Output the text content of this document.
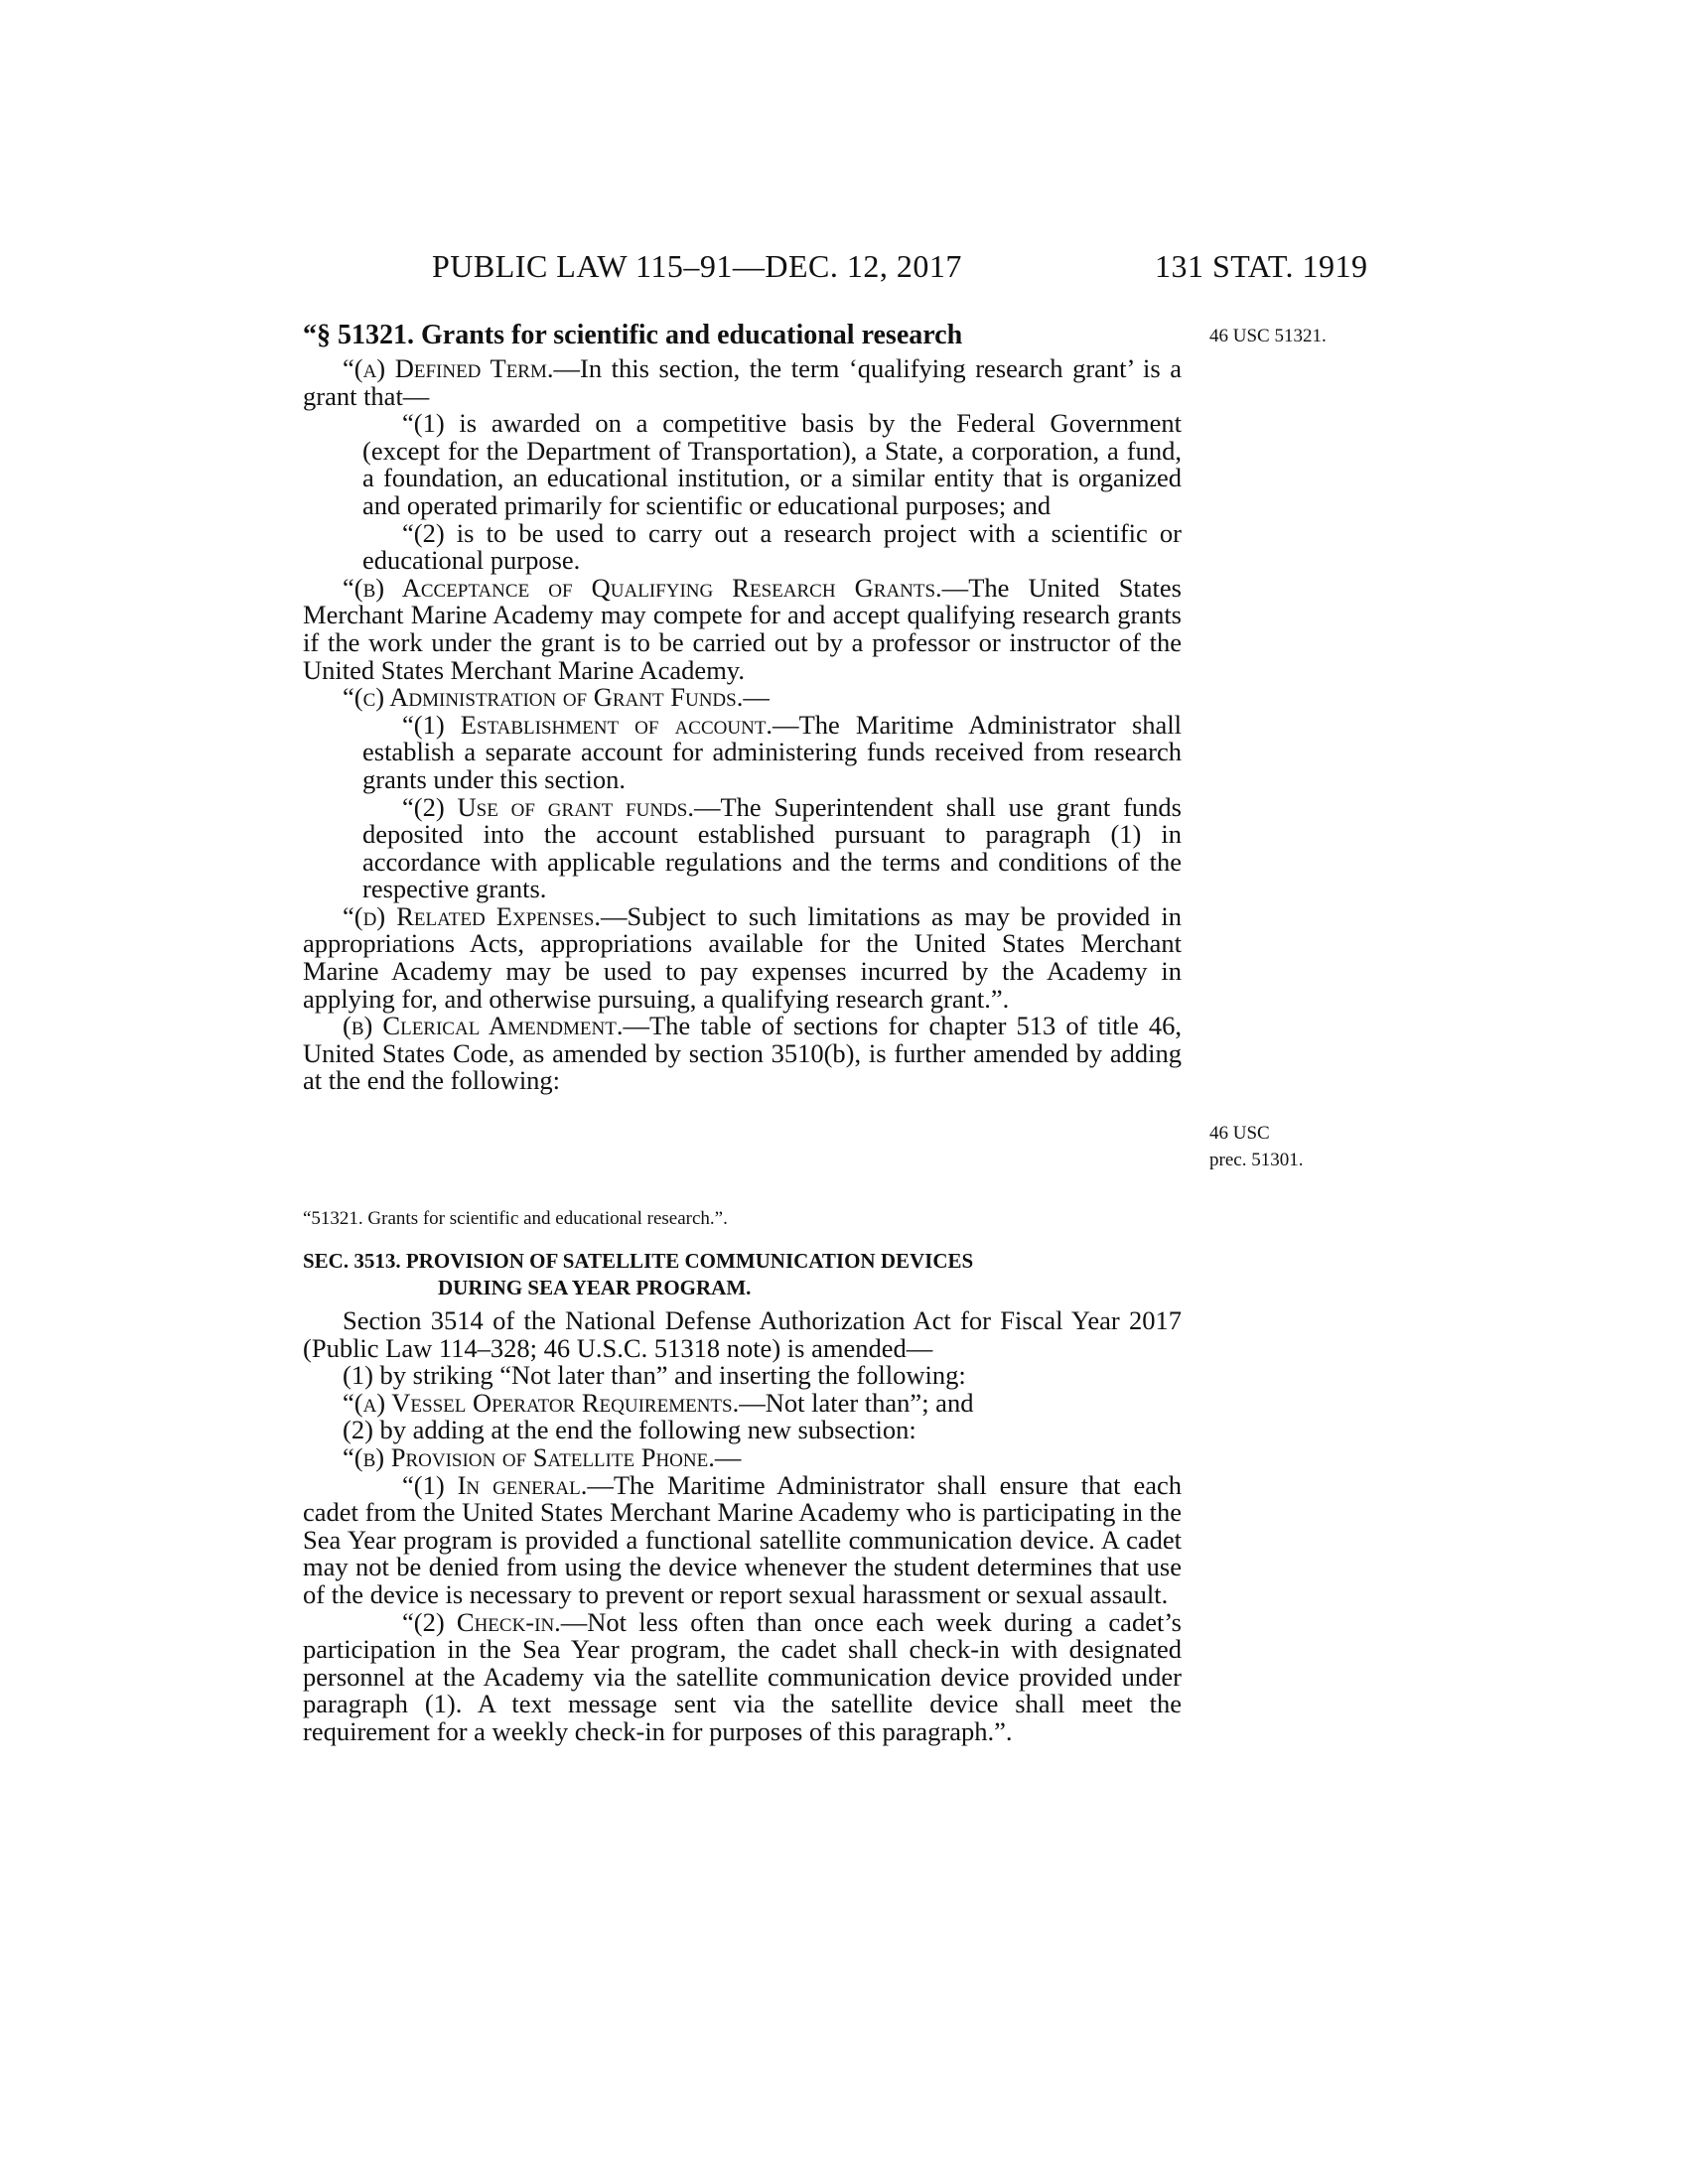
PUBLIC LAW 115–91—DEC. 12, 2017	131 STAT. 1919
“§ 51321. Grants for scientific and educational research	46 USC 51321.

“(a) Defined Term.—In this section, the term ‘qualifying research grant’ is a grant that—

“(1) is awarded on a competitive basis by the Federal Government (except for the Department of Transportation), a State, a corporation, a fund, a foundation, an educational institution, or a similar entity that is organized and operated primarily for scientific or educational purposes; and

“(2) is to be used to carry out a research project with a scientific or educational purpose.

“(b) Acceptance of Qualifying Research Grants.—The United States Merchant Marine Academy may compete for and accept qualifying research grants if the work under the grant is to be carried out by a professor or instructor of the United States Merchant Marine Academy.

“(c) Administration of Grant Funds.—

“(1) Establishment of account.—The Maritime Administrator shall establish a separate account for administering funds received from research grants under this section.

“(2) Use of grant funds.—The Superintendent shall use grant funds deposited into the account established pursuant to paragraph (1) in accordance with applicable regulations and the terms and conditions of the respective grants.

“(d) Related Expenses.—Subject to such limitations as may be provided in appropriations Acts, appropriations available for the United States Merchant Marine Academy may be used to pay expenses incurred by the Academy in applying for, and otherwise pursuing, a qualifying research grant.”.

(b) Clerical Amendment.—The table of sections for chapter 513 of title 46, United States Code, as amended by section 3510(b), is further amended by adding at the end the following:

46 USC
prec. 51301.
“51321. Grants for scientific and educational research.”.
SEC. 3513. PROVISION OF SATELLITE COMMUNICATION DEVICES
DURING SEA YEAR PROGRAM.

Section 3514 of the National Defense Authorization Act for Fiscal Year 2017 (Public Law 114–328; 46 U.S.C. 51318 note) is amended—

(1) by striking “Not later than” and inserting the following:

“(a) Vessel Operator Requirements.—Not later than”; and

(2) by adding at the end the following new subsection:

“(b) Provision of Satellite Phone.—

“(1) In general.—The Maritime Administrator shall ensure that each cadet from the United States Merchant Marine Academy who is participating in the Sea Year program is provided a functional satellite communication device. A cadet may not be denied from using the device whenever the student determines that use of the device is necessary to prevent or report sexual harassment or sexual assault.

“(2) Check-in.—Not less often than once each week during a cadet’s participation in the Sea Year program, the cadet shall check-in with designated personnel at the Academy via the satellite communication device provided under paragraph (1). A text message sent via the satellite device shall meet the requirement for a weekly check-in for purposes of this paragraph.”.
